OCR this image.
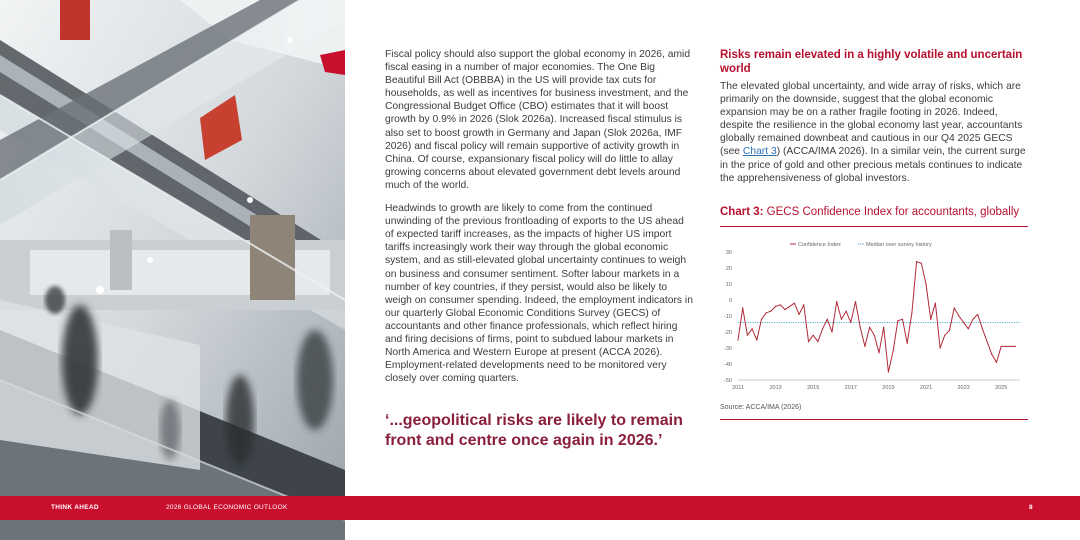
Fiscal policy should also support the global economy in 2026, amid fiscal easing in a number of major economies. The One Big Beautiful Bill Act (OBBBA) in the US will provide tax cuts for households, as well as incentives for business investment, and the Congressional Budget Office (CBO) estimates that it will boost growth by 0.9% in 2026 (Slok 2026a). Increased fiscal stimulus is also set to boost growth in Germany and Japan (Slok 2026a, IMF 2026) and fiscal policy will remain supportive of activity growth in China. Of course, expansionary fiscal policy will do little to allay growing concerns about elevated government debt levels around much of the world.

Headwinds to growth are likely to come from the continued unwinding of the previous frontloading of exports to the US ahead of expected tariff increases, as the impacts of higher US import tariffs increasingly work their way through the global economic system, and as still-elevated global uncertainty continues to weigh on business and consumer sentiment. Softer labour markets in a number of key countries, if they persist, would also be likely to weigh on consumer spending. Indeed, the employment indicators in our quarterly Global Economic Conditions Survey (GECS) of accountants and other finance professionals, which reflect hiring and firing decisions of firms, point to subdued labour markets in North America and Western Europe at present (ACCA 2026). Employment-related developments need to be monitored very closely over coming quarters.

‘...geopolitical risks are likely to remain front and centre once again in 2026.’
Risks remain elevated in a highly volatile and uncertain world

The elevated global uncertainty, and wide array of risks, which are primarily on the downside, suggest that the global economic expansion may be on a rather fragile footing in 2026. Indeed, despite the resilience in the global economy last year, accountants globally remained downbeat and cautious in our Q4 2025 GECS (see Chart 3) (ACCA/IMA 2026). In a similar vein, the current surge in the price of gold and other precious metals continues to indicate the apprehensiveness of global investors.

Chart 3: GECS Confidence Index for accountants, globally
30
20
10
0
-10
-20
-30
-40
-50
2011	2013	2015	2017	2019	2021	2023	2025
Confidence Index	Median over survey history
Source: ACCA/IMA (2026)
THINK AHEAD	2026 GLOBAL ECONOMIC OUTLOOK	8
